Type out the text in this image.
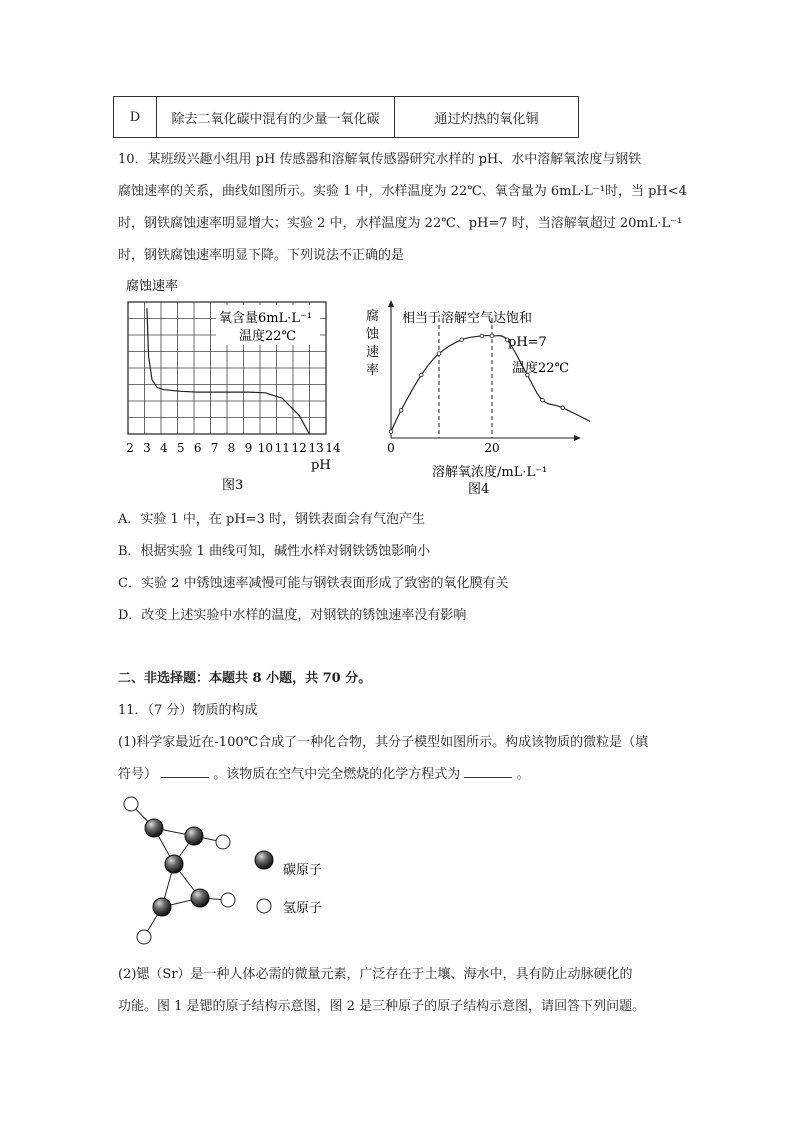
D	除去二氧化碳中混有的少量一氧化碳	通过灼热的氧化铜
10．某班级兴趣小组用 pH 传感器和溶解氧传感器研究水样的 pH、水中溶解氧浓度与钢铁
腐蚀速率的关系，曲线如图所示。实验 1 中，水样温度为 22℃、氧含量为 6mL·L⁻¹时，当 pH<4
时，钢铁腐蚀速率明显增大；实验 2 中，水样温度为 22℃、pH=7 时，当溶解氧超过 20mL·L⁻¹
时，钢铁腐蚀速率明显下降。下列说法不正确的是
腐蚀速率
氧含量6mL·L⁻¹
温度22℃
2 3 4 5 6 7 8 9 10 11 12 13 14
pH
图3
腐
蚀
速
率
相当于溶解空气达饱和
pH=7
温度22℃
0	20
溶解氧浓度/mL·L⁻¹
图4
A．实验 1 中，在 pH=3 时，钢铁表面会有气泡产生
B．根据实验 1 曲线可知，碱性水样对钢铁锈蚀影响小
C．实验 2 中锈蚀速率减慢可能与钢铁表面形成了致密的氧化膜有关
D．改变上述实验中水样的温度，对钢铁的锈蚀速率没有影响
二、非选择题：本题共 8 小题，共 70 分。
11．（7 分）物质的构成
(1)科学家最近在-100℃合成了一种化合物，其分子模型如图所示。构成该物质的微粒是（填
符号）	。该物质在空气中完全燃烧的化学方程式为	。
碳原子
氢原子
(2)锶（Sr）是一种人体必需的微量元素，广泛存在于土壤、海水中，具有防止动脉硬化的
功能。图 1 是锶的原子结构示意图，图 2 是三种原子的原子结构示意图，请回答下列问题。
